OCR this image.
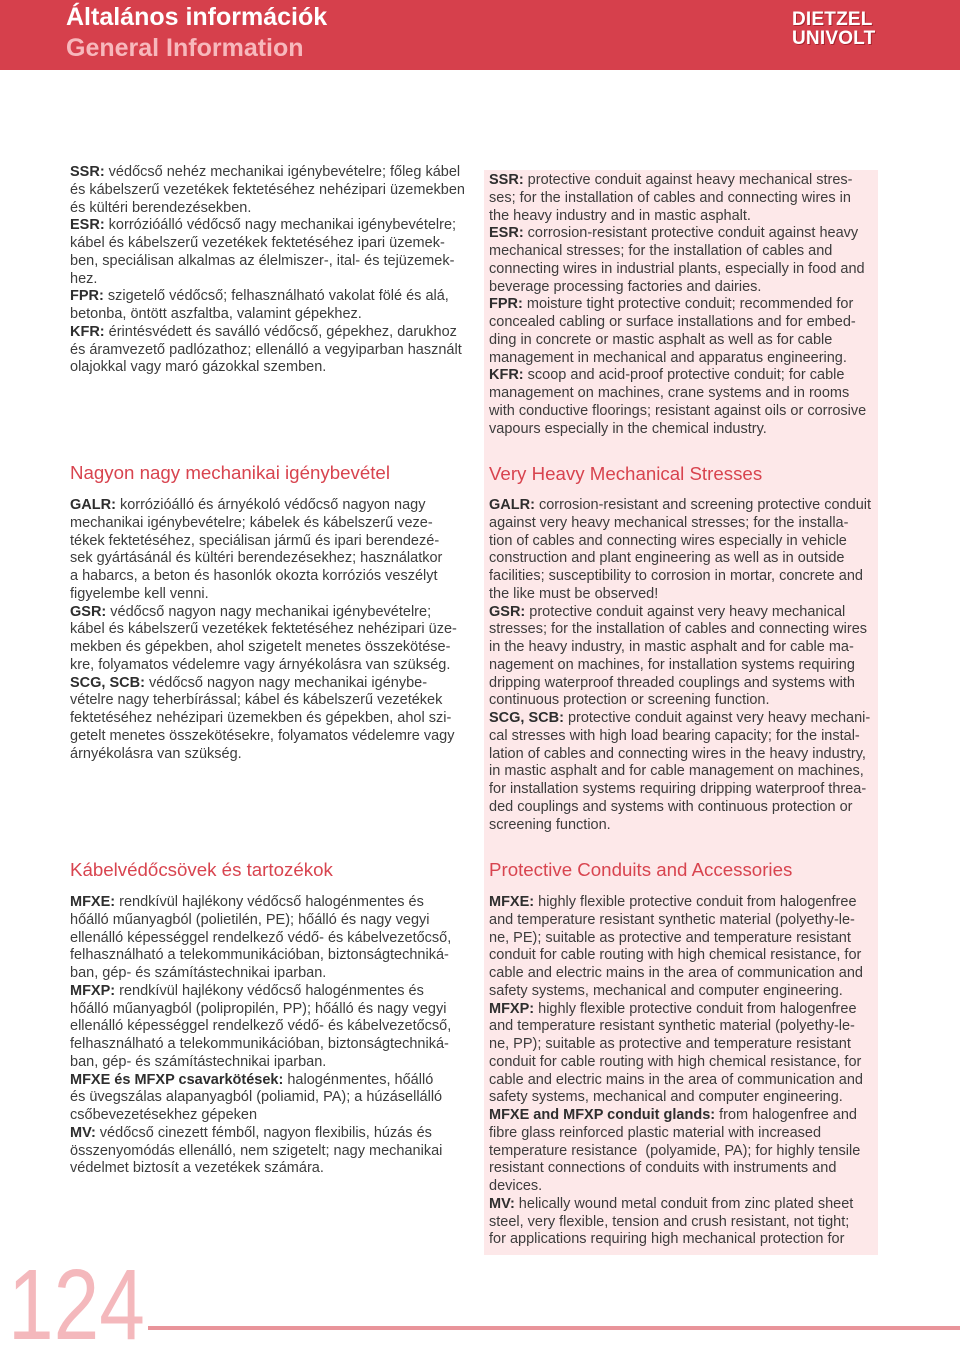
Általános információk
General Information
DIETZEL
UNIVOLT
SSR: védőcső nehéz mechanikai igénybevételre; főleg kábel
és kábelszerű vezetékek fektetéséhez nehézipari üzemekben
és kültéri berendezésekben.
ESR: korrózióálló védőcső nagy mechanikai igénybevételre;
kábel és kábelszerű vezetékek fektetéséhez ipari üzemek-
ben, speciálisan alkalmas az élelmiszer-, ital- és tejüzemek-
hez.
FPR: szigetelő védőcső; felhasználható vakolat fölé és alá,
betonba, öntött aszfaltba, valamint gépekhez.
KFR: érintésvédett és saválló védőcső, gépekhez, darukhoz
és áramvezető padlózathoz; ellenálló a vegyiparban használt
olajokkal vagy maró gázokkal szemben.
Nagyon nagy mechanikai igénybevétel
GALR: korrózióálló és árnyékoló védőcső nagyon nagy
mechanikai igénybevételre; kábelek és kábelszerű veze-
tékek fektetéséhez, speciálisan jármű és ipari berendezé-
sek gyártásánál és kültéri berendezésekhez; használatkor
a habarcs, a beton és hasonlók okozta korróziós veszélyt
figyelembe kell venni.
GSR: védőcső nagyon nagy mechanikai igénybevételre;
kábel és kábelszerű vezetékek fektetéséhez nehézipari üze-
mekben és gépekben, ahol szigetelt menetes összekötése-
kre, folyamatos védelemre vagy árnyékolásra van szükség.
SCG, SCB: védőcső nagyon nagy mechanikai igénybe-
vételre nagy teherbírással; kábel és kábelszerű vezetékek
fektetéséhez nehézipari üzemekben és gépekben, ahol szi-
getelt menetes összekötésekre, folyamatos védelemre vagy
árnyékolásra van szükség.
Kábelvédőcsövek és tartozékok
MFXE: rendkívül hajlékony védőcső halogénmentes és
hőálló műanyagból (polietilén, PE); hőálló és nagy vegyi
ellenálló képességgel rendelkező védő- és kábelvezetőcső,
felhasználható a telekommunikációban, biztonságtechniká-
ban, gép- és számítástechnikai iparban.
MFXP: rendkívül hajlékony védőcső halogénmentes és
hőálló műanyagból (polipropilén, PP); hőálló és nagy vegyi
ellenálló képességgel rendelkező védő- és kábelvezetőcső,
felhasználható a telekommunikációban, biztonságtechniká-
ban, gép- és számítástechnikai iparban.
MFXE és MFXP csavarkötések: halogénmentes, hőálló
és üvegszálas alapanyagból (poliamid, PA); a húzásellálló
csőbevezetésekhez gépeken
MV: védőcső cinezett fémből, nagyon flexibilis, húzás és
összenyomódás ellenálló, nem szigetelt; nagy mechanikai
védelmet biztosít a vezetékek számára.
SSR: protective conduit against heavy mechanical stres-
ses; for the installation of cables and connecting wires in
the heavy industry and in mastic asphalt.
ESR: corrosion-resistant protective conduit against heavy
mechanical stresses; for the installation of cables and
connecting wires in industrial plants, especially in food and
beverage processing factories and dairies.
FPR: moisture tight protective conduit; recommended for
concealed cabling or surface installations and for embed-
ding in concrete or mastic asphalt as well as for cable
management in mechanical and apparatus engineering.
KFR: scoop and acid-proof protective conduit; for cable
management on machines, crane systems and in rooms
with conductive floorings; resistant against oils or corrosive
vapours especially in the chemical industry.
Very Heavy Mechanical Stresses
GALR: corrosion-resistant and screening protective conduit
against very heavy mechanical stresses; for the installa-
tion of cables and connecting wires especially in vehicle
construction and plant engineering as well as in outside
facilities; susceptibility to corrosion in mortar, concrete and
the like must be observed!
GSR: protective conduit against very heavy mechanical
stresses; for the installation of cables and connecting wires
in the heavy industry, in mastic asphalt and for cable ma-
nagement on machines, for installation systems requiring
dripping waterproof threaded couplings and systems with
continuous protection or screening function.
SCG, SCB: protective conduit against very heavy mechani-
cal stresses with high load bearing capacity; for the instal-
lation of cables and connecting wires in the heavy industry,
in mastic asphalt and for cable management on machines,
for installation systems requiring dripping waterproof threa-
ded couplings and systems with continuous protection or
screening function.
Protective Conduits and Accessories
MFXE: highly flexible protective conduit from halogenfree
and temperature resistant synthetic material (polyethy-le-
ne, PE); suitable as protective and temperature resistant
conduit for cable routing with high chemical resistance, for
cable and electric mains in the area of communication and
safety systems, mechanical and computer engineering.
MFXP: highly flexible protective conduit from halogenfree
and temperature resistant synthetic material (polyethy-le-
ne, PP); suitable as protective and temperature resistant
conduit for cable routing with high chemical resistance, for
cable and electric mains in the area of communication and
safety systems, mechanical and computer engineering.
MFXE and MFXP conduit glands: from halogenfree and
fibre glass reinforced plastic material with increased
temperature resistance  (polyamide, PA); for highly tensile
resistant connections of conduits with instruments and
devices.
MV: helically wound metal conduit from zinc plated sheet
steel, very flexible, tension and crush resistant, not tight;
for applications requiring high mechanical protection for
124
